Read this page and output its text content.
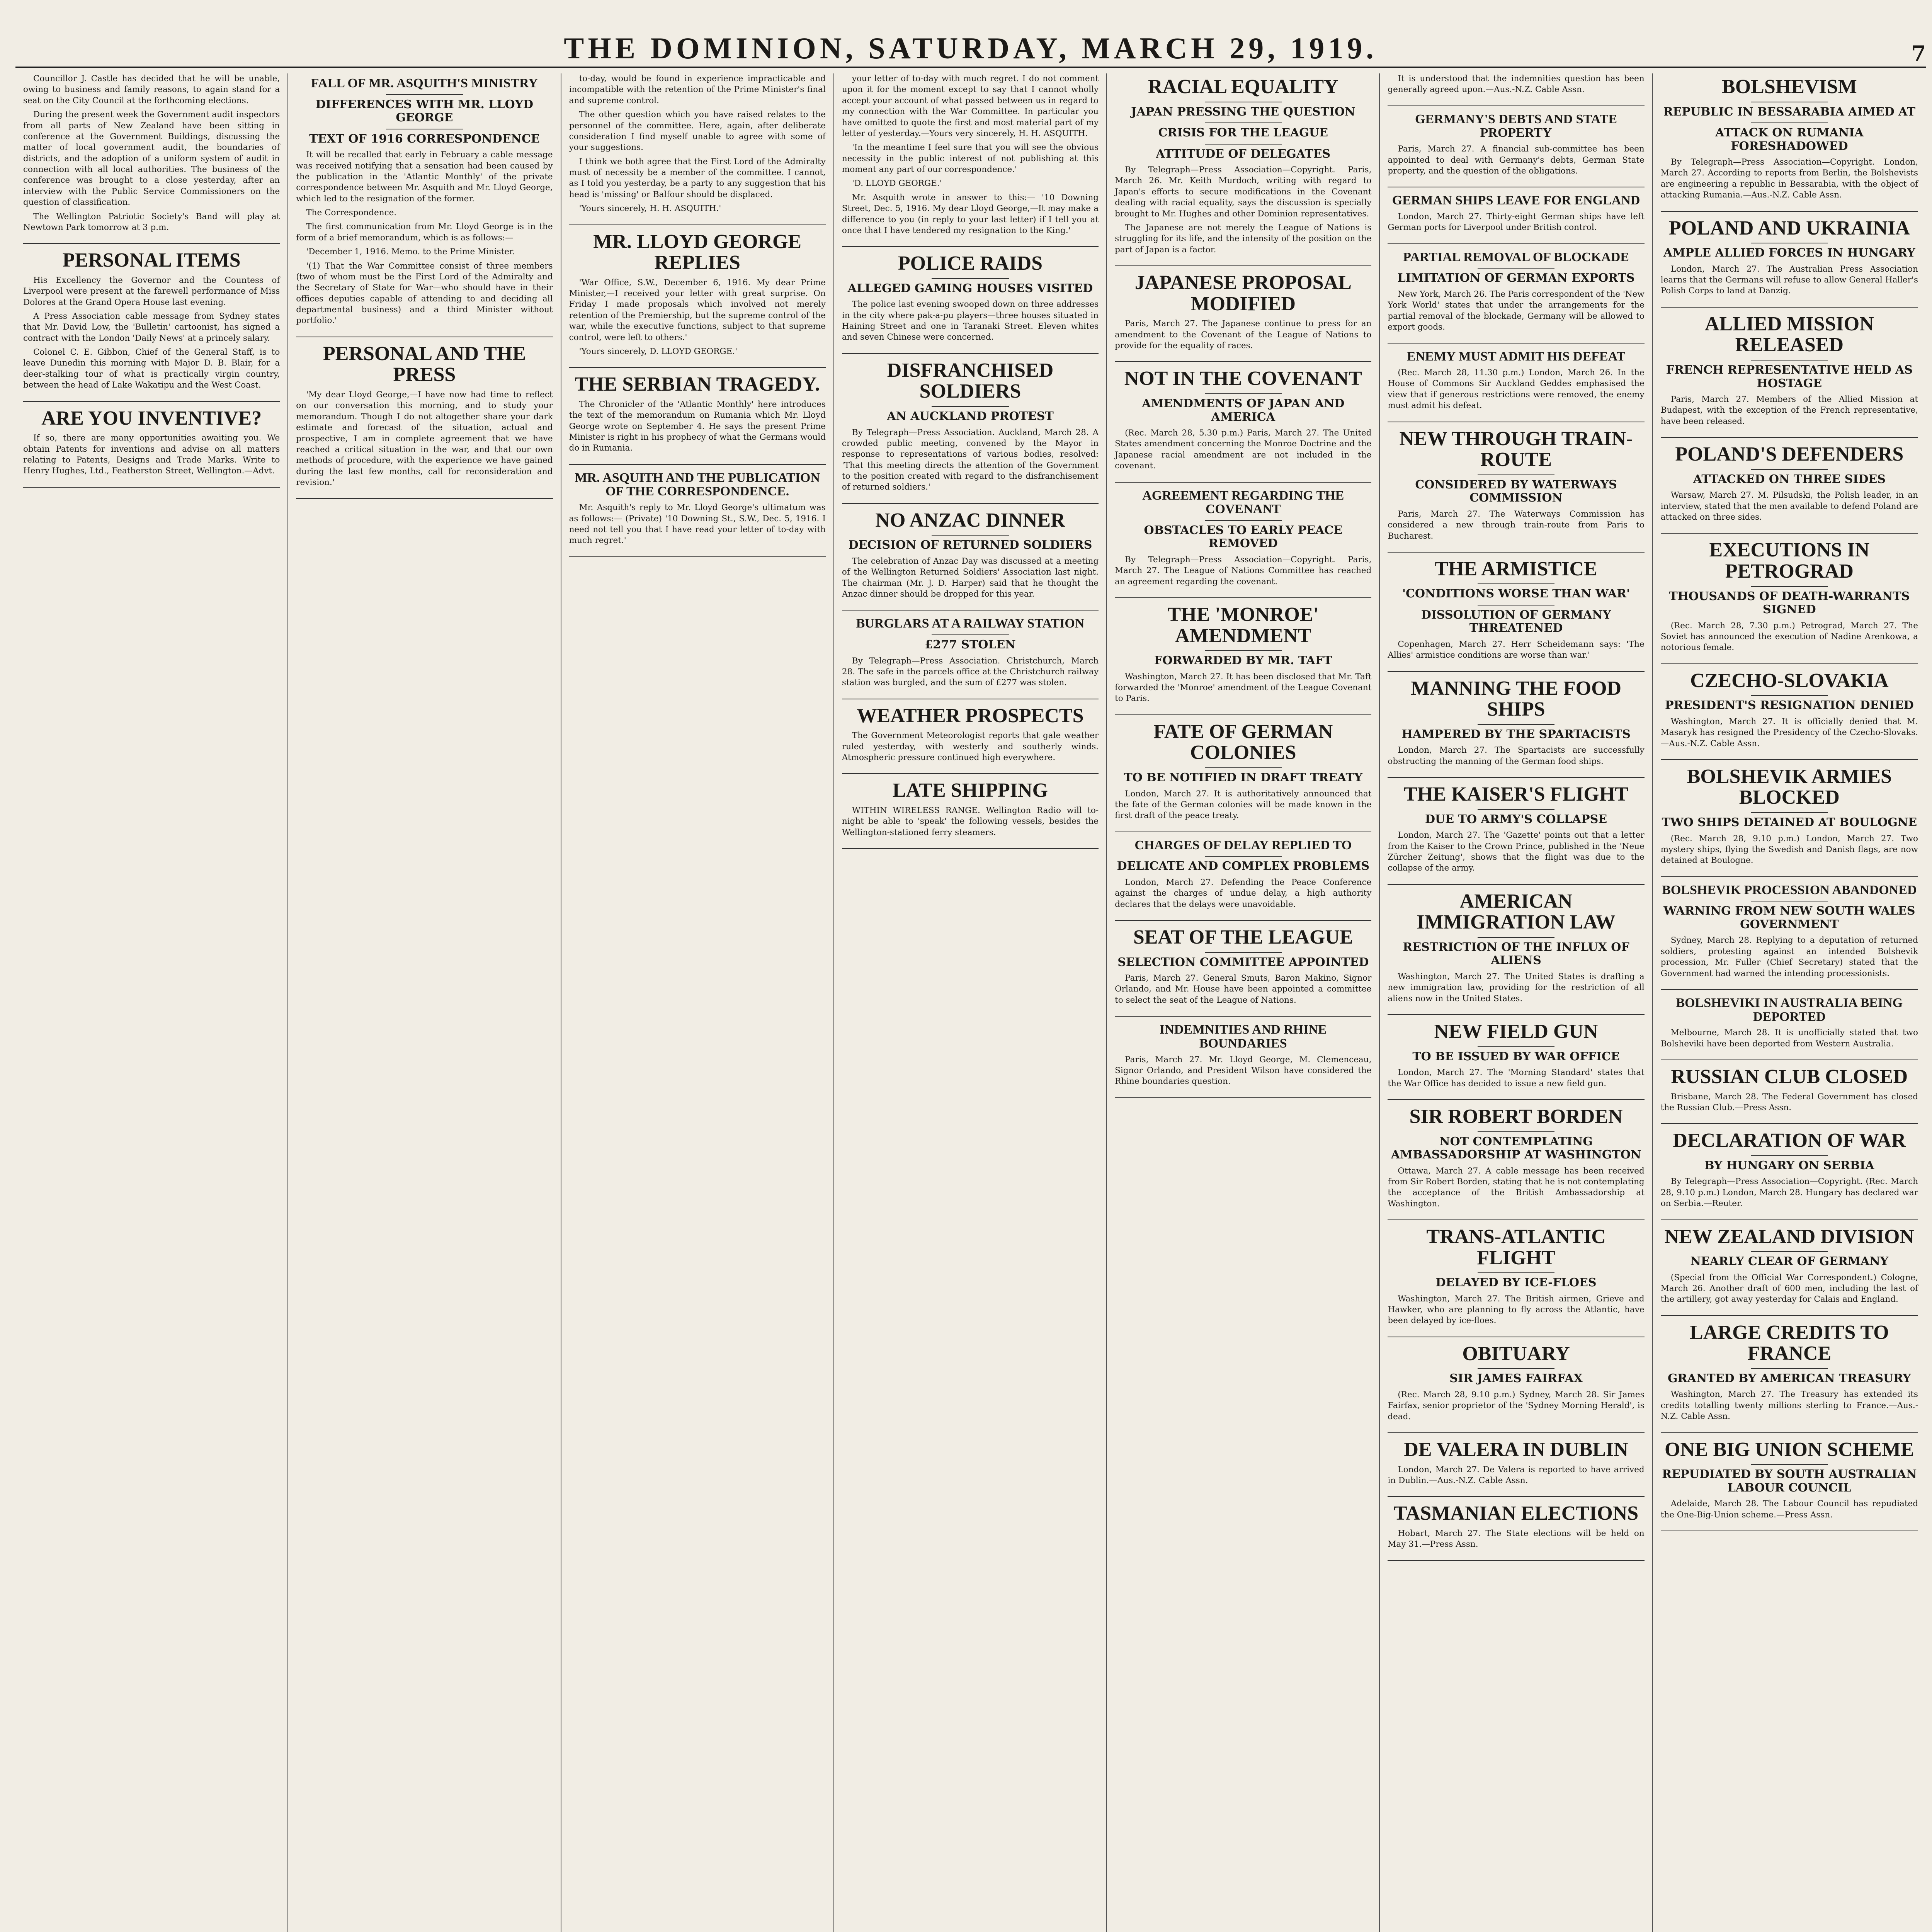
THE DOMINION, SATURDAY, MARCH 29, 1919.	7

Councillor J. Castle has decided that he will be unable, owing to business and family reasons, to again stand for a seat on the City Council at the forthcoming elections.

During the present week the Government audit inspectors from all parts of New Zealand have been sitting in conference at the Government Buildings, discussing the matter of local government audit, the boundaries of districts, and the adoption of a uniform system of audit in connection with all local authorities. The business of the conference was brought to a close yesterday, after an interview with the Public Service Commissioners on the question of classification.

The Wellington Patriotic Society's Band will play at Newtown Park tomorrow at 3 p.m.

PERSONAL ITEMS

His Excellency the Governor and the Countess of Liverpool were present at the farewell performance of Miss Dolores at the Grand Opera House last evening.

A Press Association cable message from Sydney states that Mr. David Low, the 'Bulletin' cartoonist, has signed a contract with the London 'Daily News' at a princely salary.

Colonel C. E. Gibbon, Chief of the General Staff, is to leave Dunedin this morning with Major D. B. Blair, for a deer-stalking tour of what is practically virgin country, between the head of Lake Wakatipu and the West Coast.

ARE YOU INVENTIVE?

If so, there are many opportunities awaiting you. We obtain Patents for inventions and advise on all matters relating to Patents, Designs and Trade Marks. Write to Henry Hughes, Ltd., Featherston Street, Wellington.—Advt.

FALL OF MR. ASQUITH'S MINISTRY
DIFFERENCES WITH MR. LLOYD GEORGE
TEXT OF 1916 CORRESPONDENCE

It will be recalled that early in February a cable message was received notifying that a sensation had been caused by the publication in the 'Atlantic Monthly' of the private correspondence between Mr. Asquith and Mr. Lloyd George, which led to the resignation of the former.

The Correspondence.

The first communication from Mr. Lloyd George is in the form of a brief memorandum, which is as follows:—

'December 1, 1916. Memo. to the Prime Minister.

'(1) That the War Committee consist of three members (two of whom must be the First Lord of the Admiralty and the Secretary of State for War—who should have in their offices deputies capable of attending to and deciding all departmental business) and a third Minister without portfolio.'

PERSONAL AND THE PRESS

'My dear Lloyd George,—I have now had time to reflect on our conversation this morning, and to study your memorandum. Though I do not altogether share your dark estimate and forecast of the situation, actual and prospective, I am in complete agreement that we have reached a critical situation in the war, and that our own methods of procedure, with the experience we have gained during the last few months, call for reconsideration and revision.'

to-day, would be found in experience impracticable and incompatible with the retention of the Prime Minister's final and supreme control.

The other question which you have raised relates to the personnel of the committee. Here, again, after deliberate consideration I find myself unable to agree with some of your suggestions.

I think we both agree that the First Lord of the Admiralty must of necessity be a member of the committee. I cannot, as I told you yesterday, be a party to any suggestion that his head is 'missing' or Balfour should be displaced.

'Yours sincerely, H. H. ASQUITH.'

MR. LLOYD GEORGE REPLIES

'War Office, S.W., December 6, 1916. My dear Prime Minister,—I received your letter with great surprise. On Friday I made proposals which involved not merely retention of the Premiership, but the supreme control of the war, while the executive functions, subject to that supreme control, were left to others.'

'Yours sincerely, D. LLOYD GEORGE.'

THE SERBIAN TRAGEDY.

The Chronicler of the 'Atlantic Monthly' here introduces the text of the memorandum on Rumania which Mr. Lloyd George wrote on September 4. He says the present Prime Minister is right in his prophecy of what the Germans would do in Rumania.

MR. ASQUITH AND THE PUBLICATION OF THE CORRESPONDENCE.

Mr. Asquith's reply to Mr. Lloyd George's ultimatum was as follows:— (Private) '10 Downing St., S.W., Dec. 5, 1916. I need not tell you that I have read your letter of to-day with much regret.'

your letter of to-day with much regret. I do not comment upon it for the moment except to say that I cannot wholly accept your account of what passed between us in regard to my connection with the War Committee. In particular you have omitted to quote the first and most material part of my letter of yesterday.—Yours very sincerely, H. H. ASQUITH.

'In the meantime I feel sure that you will see the obvious necessity in the public interest of not publishing at this moment any part of our correspondence.'

'D. LLOYD GEORGE.'

Mr. Asquith wrote in answer to this:— '10 Downing Street, Dec. 5, 1916. My dear Lloyd George,—It may make a difference to you (in reply to your last letter) if I tell you at once that I have tendered my resignation to the King.'

POLICE RAIDS
ALLEGED GAMING HOUSES VISITED

The police last evening swooped down on three addresses in the city where pak-a-pu players—three houses situated in Haining Street and one in Taranaki Street. Eleven whites and seven Chinese were concerned.

DISFRANCHISED SOLDIERS
AN AUCKLAND PROTEST

By Telegraph—Press Association. Auckland, March 28. A crowded public meeting, convened by the Mayor in response to representations of various bodies, resolved: 'That this meeting directs the attention of the Government to the position created with regard to the disfranchisement of returned soldiers.'

NO ANZAC DINNER
DECISION OF RETURNED SOLDIERS

The celebration of Anzac Day was discussed at a meeting of the Wellington Returned Soldiers' Association last night. The chairman (Mr. J. D. Harper) said that he thought the Anzac dinner should be dropped for this year.

BURGLARS AT A RAILWAY STATION
£277 STOLEN

By Telegraph—Press Association. Christchurch, March 28. The safe in the parcels office at the Christchurch railway station was burgled, and the sum of £277 was stolen.

WEATHER PROSPECTS

The Government Meteorologist reports that gale weather ruled yesterday, with westerly and southerly winds. Atmospheric pressure continued high everywhere.

LATE SHIPPING

WITHIN WIRELESS RANGE. Wellington Radio will to-night be able to 'speak' the following vessels, besides the Wellington-stationed ferry steamers.

RACIAL EQUALITY
JAPAN PRESSING THE QUESTION
CRISIS FOR THE LEAGUE
ATTITUDE OF DELEGATES

By Telegraph—Press Association—Copyright. Paris, March 26. Mr. Keith Murdoch, writing with regard to Japan's efforts to secure modifications in the Covenant dealing with racial equality, says the discussion is specially brought to Mr. Hughes and other Dominion representatives.

The Japanese are not merely the League of Nations is struggling for its life, and the intensity of the position on the part of Japan is a factor.

JAPANESE PROPOSAL MODIFIED

Paris, March 27. The Japanese continue to press for an amendment to the Covenant of the League of Nations to provide for the equality of races.

NOT IN THE COVENANT
AMENDMENTS OF JAPAN AND AMERICA

(Rec. March 28, 5.30 p.m.) Paris, March 27. The United States amendment concerning the Monroe Doctrine and the Japanese racial amendment are not included in the covenant.

AGREEMENT REGARDING THE COVENANT
OBSTACLES TO EARLY PEACE REMOVED

By Telegraph—Press Association—Copyright. Paris, March 27. The League of Nations Committee has reached an agreement regarding the covenant.

THE 'MONROE' AMENDMENT
FORWARDED BY MR. TAFT

Washington, March 27. It has been disclosed that Mr. Taft forwarded the 'Monroe' amendment of the League Covenant to Paris.

FATE OF GERMAN COLONIES
TO BE NOTIFIED IN DRAFT TREATY

London, March 27. It is authoritatively announced that the fate of the German colonies will be made known in the first draft of the peace treaty.

CHARGES OF DELAY REPLIED TO
DELICATE AND COMPLEX PROBLEMS

London, March 27. Defending the Peace Conference against the charges of undue delay, a high authority declares that the delays were unavoidable.

SEAT OF THE LEAGUE
SELECTION COMMITTEE APPOINTED

Paris, March 27. General Smuts, Baron Makino, Signor Orlando, and Mr. House have been appointed a committee to select the seat of the League of Nations.

INDEMNITIES AND RHINE BOUNDARIES

Paris, March 27. Mr. Lloyd George, M. Clemenceau, Signor Orlando, and President Wilson have considered the Rhine boundaries question.

It is understood that the indemnities question has been generally agreed upon.—Aus.-N.Z. Cable Assn.

GERMANY'S DEBTS AND STATE PROPERTY

Paris, March 27. A financial sub-committee has been appointed to deal with Germany's debts, German State property, and the question of the obligations.

GERMAN SHIPS LEAVE FOR ENGLAND

London, March 27. Thirty-eight German ships have left German ports for Liverpool under British control.

PARTIAL REMOVAL OF BLOCKADE
LIMITATION OF GERMAN EXPORTS

New York, March 26. The Paris correspondent of the 'New York World' states that under the arrangements for the partial removal of the blockade, Germany will be allowed to export goods.

ENEMY MUST ADMIT HIS DEFEAT

(Rec. March 28, 11.30 p.m.) London, March 26. In the House of Commons Sir Auckland Geddes emphasised the view that if generous restrictions were removed, the enemy must admit his defeat.

NEW THROUGH TRAIN-ROUTE
CONSIDERED BY WATERWAYS COMMISSION

Paris, March 27. The Waterways Commission has considered a new through train-route from Paris to Bucharest.

THE ARMISTICE
'CONDITIONS WORSE THAN WAR'
DISSOLUTION OF GERMANY THREATENED

Copenhagen, March 27. Herr Scheidemann says: 'The Allies' armistice conditions are worse than war.'

MANNING THE FOOD SHIPS
HAMPERED BY THE SPARTACISTS

London, March 27. The Spartacists are successfully obstructing the manning of the German food ships.

THE KAISER'S FLIGHT
DUE TO ARMY'S COLLAPSE

London, March 27. The 'Gazette' points out that a letter from the Kaiser to the Crown Prince, published in the 'Neue Zürcher Zeitung', shows that the flight was due to the collapse of the army.

AMERICAN IMMIGRATION LAW
RESTRICTION OF THE INFLUX OF ALIENS

Washington, March 27. The United States is drafting a new immigration law, providing for the restriction of all aliens now in the United States.

NEW FIELD GUN
TO BE ISSUED BY WAR OFFICE

London, March 27. The 'Morning Standard' states that the War Office has decided to issue a new field gun.

SIR ROBERT BORDEN
NOT CONTEMPLATING AMBASSADORSHIP AT WASHINGTON

Ottawa, March 27. A cable message has been received from Sir Robert Borden, stating that he is not contemplating the acceptance of the British Ambassadorship at Washington.

TRANS-ATLANTIC FLIGHT
DELAYED BY ICE-FLOES

Washington, March 27. The British airmen, Grieve and Hawker, who are planning to fly across the Atlantic, have been delayed by ice-floes.

OBITUARY
SIR JAMES FAIRFAX

(Rec. March 28, 9.10 p.m.) Sydney, March 28. Sir James Fairfax, senior proprietor of the 'Sydney Morning Herald', is dead.

DE VALERA IN DUBLIN

London, March 27. De Valera is reported to have arrived in Dublin.—Aus.-N.Z. Cable Assn.

TASMANIAN ELECTIONS

Hobart, March 27. The State elections will be held on May 31.—Press Assn.

BOLSHEVISM
REPUBLIC IN BESSARABIA AIMED AT
ATTACK ON RUMANIA FORESHADOWED

By Telegraph—Press Association—Copyright. London, March 27. According to reports from Berlin, the Bolshevists are engineering a republic in Bessarabia, with the object of attacking Rumania.—Aus.-N.Z. Cable Assn.

POLAND AND UKRAINIA
AMPLE ALLIED FORCES IN HUNGARY

London, March 27. The Australian Press Association learns that the Germans will refuse to allow General Haller's Polish Corps to land at Danzig.

ALLIED MISSION RELEASED
FRENCH REPRESENTATIVE HELD AS HOSTAGE

Paris, March 27. Members of the Allied Mission at Budapest, with the exception of the French representative, have been released.

POLAND'S DEFENDERS
ATTACKED ON THREE SIDES

Warsaw, March 27. M. Pilsudski, the Polish leader, in an interview, stated that the men available to defend Poland are attacked on three sides.

EXECUTIONS IN PETROGRAD
THOUSANDS OF DEATH-WARRANTS SIGNED

(Rec. March 28, 7.30 p.m.) Petrograd, March 27. The Soviet has announced the execution of Nadine Arenkowa, a notorious female.

CZECHO-SLOVAKIA
PRESIDENT'S RESIGNATION DENIED

Washington, March 27. It is officially denied that M. Masaryk has resigned the Presidency of the Czecho-Slovaks.—Aus.-N.Z. Cable Assn.

BOLSHEVIK ARMIES BLOCKED
TWO SHIPS DETAINED AT BOULOGNE

(Rec. March 28, 9.10 p.m.) London, March 27. Two mystery ships, flying the Swedish and Danish flags, are now detained at Boulogne.

BOLSHEVIK PROCESSION ABANDONED
WARNING FROM NEW SOUTH WALES GOVERNMENT

Sydney, March 28. Replying to a deputation of returned soldiers, protesting against an intended Bolshevik procession, Mr. Fuller (Chief Secretary) stated that the Government had warned the intending processionists.

BOLSHEVIKI IN AUSTRALIA BEING DEPORTED

Melbourne, March 28. It is unofficially stated that two Bolsheviki have been deported from Western Australia.

RUSSIAN CLUB CLOSED

Brisbane, March 28. The Federal Government has closed the Russian Club.—Press Assn.

DECLARATION OF WAR
BY HUNGARY ON SERBIA

By Telegraph—Press Association—Copyright. (Rec. March 28, 9.10 p.m.) London, March 28. Hungary has declared war on Serbia.—Reuter.

NEW ZEALAND DIVISION
NEARLY CLEAR OF GERMANY

(Special from the Official War Correspondent.) Cologne, March 26. Another draft of 600 men, including the last of the artillery, got away yesterday for Calais and England.

LARGE CREDITS TO FRANCE
GRANTED BY AMERICAN TREASURY

Washington, March 27. The Treasury has extended its credits totalling twenty millions sterling to France.—Aus.-N.Z. Cable Assn.

ONE BIG UNION SCHEME
REPUDIATED BY SOUTH AUSTRALIAN LABOUR COUNCIL

Adelaide, March 28. The Labour Council has repudiated the One-Big-Union scheme.—Press Assn.
